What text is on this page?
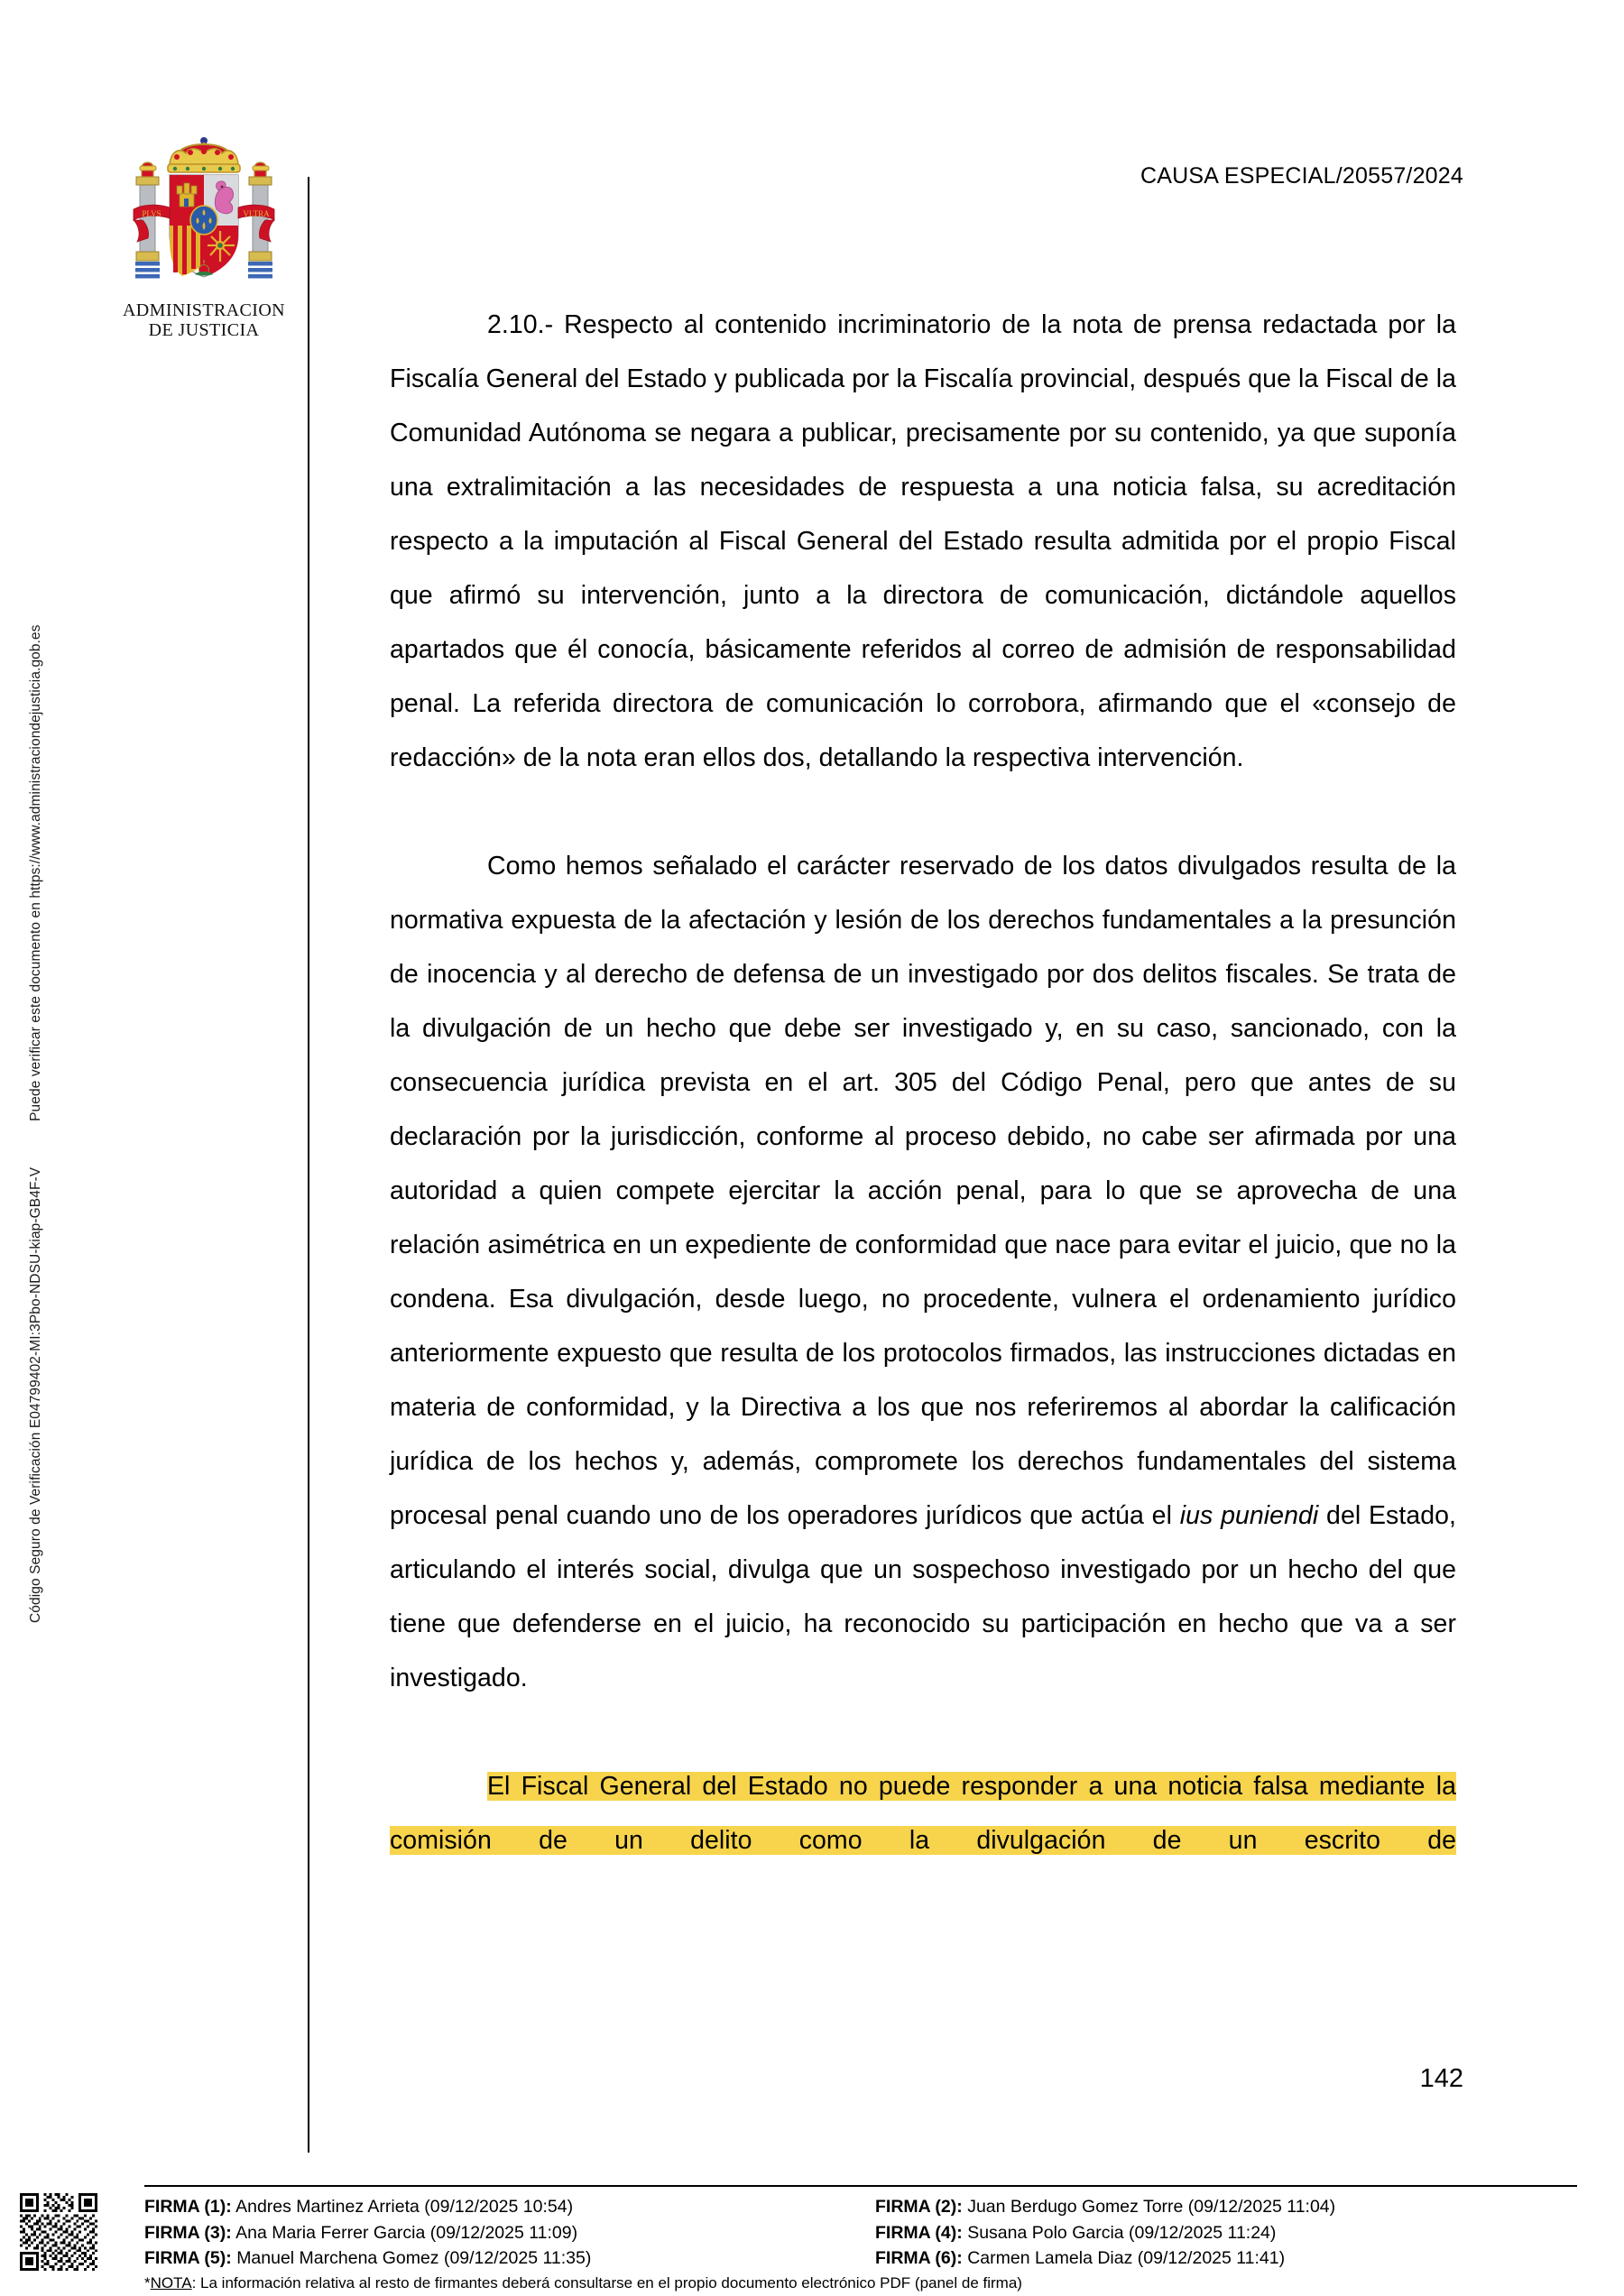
Código Seguro de Verificación E04799402-MI:3Pbo-NDSU-kiap-GB4F-V  Puede verificar este documento en https://www.administraciondejusticia.gob.es
PLVS	VLTRA
ADMINISTRACION
DE JUSTICIA
CAUSA ESPECIAL/20557/2024

2.10.- Respecto al contenido incriminatorio de la nota de prensa redactada por la Fiscalía General del Estado y publicada por la Fiscalía provincial, después que la Fiscal de la Comunidad Autónoma se negara a publicar, precisamente por su contenido, ya que suponía una extralimitación a las necesidades de respuesta a una noticia falsa, su acreditación respecto a la imputación al Fiscal General del Estado resulta admitida por el propio Fiscal que afirmó su intervención, junto a la directora de comunicación, dictándole aquellos apartados que él conocía, básicamente referidos al correo de admisión de responsabilidad penal. La referida directora de comunicación lo corrobora, afirmando que el «consejo de redacción» de la nota eran ellos dos, detallando la respectiva intervención.

Como hemos señalado el carácter reservado de los datos divulgados resulta de la normativa expuesta de la afectación y lesión de los derechos fundamentales a la presunción de inocencia y al derecho de defensa de un investigado por dos delitos fiscales. Se trata de la divulgación de un hecho que debe ser investigado y, en su caso, sancionado, con la consecuencia jurídica prevista en el art. 305 del Código Penal, pero que antes de su declaración por la jurisdicción, conforme al proceso debido, no cabe ser afirmada por una autoridad a quien compete ejercitar la acción penal, para lo que se aprovecha de una relación asimétrica en un expediente de conformidad que nace para evitar el juicio, que no la condena. Esa divulgación, desde luego, no procedente, vulnera el ordenamiento jurídico anteriormente expuesto que resulta de los protocolos firmados, las instrucciones dictadas en materia de conformidad, y la Directiva a los que nos referiremos al abordar la calificación jurídica de los hechos y, además, compromete los derechos fundamentales del sistema procesal penal cuando uno de los operadores jurídicos que actúa el ius puniendi del Estado, articulando el interés social, divulga que un sospechoso investigado por un hecho del que tiene que defenderse en el juicio, ha reconocido su participación en hecho que va a ser investigado.

El Fiscal General del Estado no puede responder a una noticia falsa mediante la comisión de un delito como la divulgación de un escrito de

142
FIRMA (1): Andres Martinez Arrieta (09/12/2025 10:54)	FIRMA (2): Juan Berdugo Gomez Torre (09/12/2025 11:04)
FIRMA (3): Ana Maria Ferrer Garcia (09/12/2025 11:09)	FIRMA (4): Susana Polo Garcia (09/12/2025 11:24)
FIRMA (5): Manuel Marchena Gomez (09/12/2025 11:35)	FIRMA (6): Carmen Lamela Diaz (09/12/2025 11:41)
*NOTA: La información relativa al resto de firmantes deberá consultarse en el propio documento electrónico PDF (panel de firma)
